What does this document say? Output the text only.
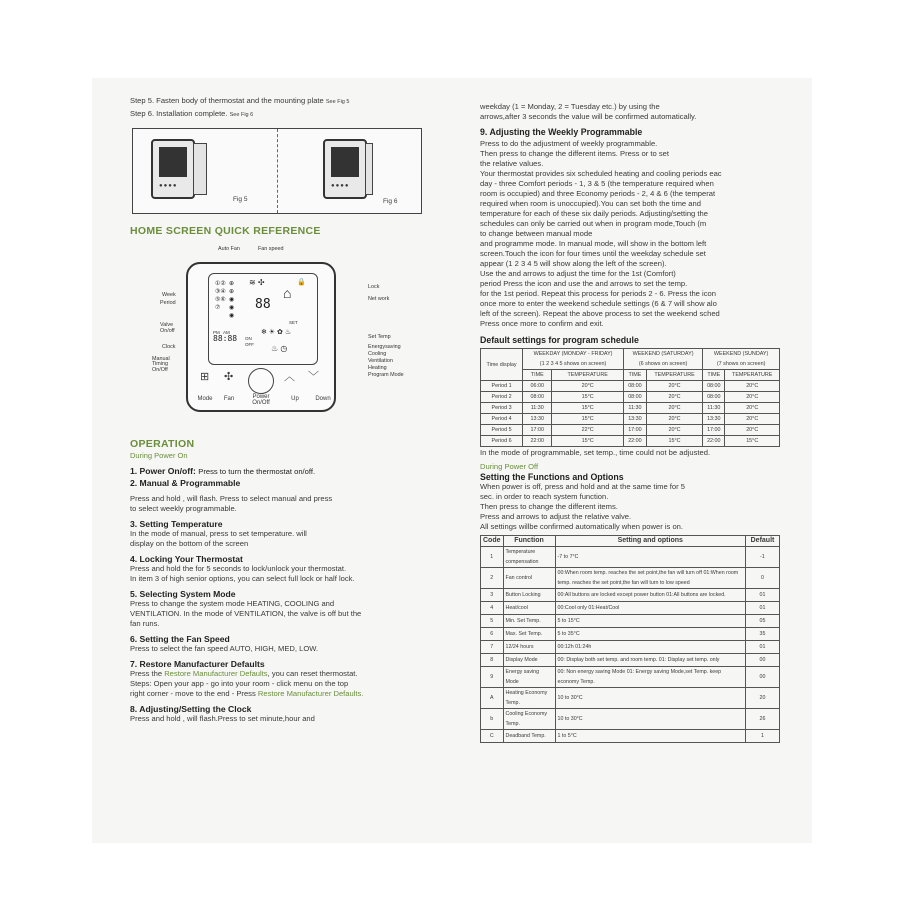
Step 5. Fasten body of thermostat and the mounting plate See Fig 5
Step 6. Installation complete. See Fig 6
●●●●
Fig 5
●●●●
Fig 6
HOME SCREEN QUICK REFERENCE
Auto Fan	Fan speed
Week
Period
Valve On/off
Clock
Manual
Timing On/Off
Lock
Net work
Set Temp
Energysaving
Cooling
Ventilation
Heating
Program Mode
①②
③④
⑤⑥
⑦
⊕
⊕
◉
◉
◉
≋ ✣	🔒
⌂
88
SET
PM AM
88:88 ON
OFF
❄ ☀ ✿ ♨
♨ ◷
⊞ ✣	︿ ﹀
Mode	Fan	Power On/Off
Up	Down
OPERATION
During Power On
1. Power On/off: Press to turn the thermostat on/off.
2. Manual & Programmable
Press and hold , will flash. Press to select manual and press
to select weekly programmable.
3. Setting Temperature
In the mode of manual, press to set temperature. will
display on the bottom of the screen
4. Locking Your Thermostat
Press and hold the for 5 seconds to lock/unlock your thermostat.
In item 3 of high senior options, you can select full lock or half lock.
5. Selecting System Mode
Press to change the system mode HEATING, COOLING and
VENTILATION. In the mode of VENTILATION, the valve is off but the
fan runs.
6. Setting the Fan Speed
Press to select the fan speed AUTO, HIGH, MED, LOW.
7. Restore Manufacturer Defaults
Press the Restore Manufacturer Defaults, you can reset thermostat.
Steps: Open your app - go into your room - click menu on the top
right corner - move to the end - Press Restore Manufacturer Defaults.
8. Adjusting/Setting the Clock
Press and hold , will flash.Press to set minute,hour and
weekday (1 = Monday, 2 = Tuesday etc.) by using the
arrows,after 3 seconds the value will be confirmed automatically.
9. Adjusting the Weekly Programmable
Press to do the adjustment of weekly programmable.
Then press to change the different items. Press or to set
the relative values.
Your thermostat provides six scheduled heating and cooling periods eac
day - three Comfort periods - 1, 3 & 5 (the temperature required when
room is occupied) and three Economy periods - 2, 4 & 6 (the temperat
required when room is unoccupied).You can set both the time and
temperature for each of these six daily periods. Adjusting/setting the
schedules can only be carried out when in program mode,Touch (m
to change between manual mode
and programme mode. In manual mode, will show in the bottom left
screen.Touch the icon for four times until the weekday schedule set
appear (1 2 3 4 5 will show along the left of the screen).
Use the and arrows to adjust the time for the 1st (Comfort)
period Press the icon and use the and arrows to set the temp.
for the 1st period. Repeat this process for periods 2 - 6. Press the icon
once more to enter the weekend schedule settings (6 & 7 will show alo
left of the screen). Repeat the above process to set the weekend sched
Press once more to confirm and exit.
Default settings for program schedule
Time display	WEEKDAY (MONDAY - FRIDAY)
(1 2 3 4 5 shows on screen)		WEEKEND (SATURDAY)
(6 shows on screen)		WEEKEND (SUNDAY)
(7 shows on screen)	
	TIME	TEMPERATURE	TIME	TEMPERATURE	TIME	TEMPERATURE
Period 1	06:00	20°C	08:00	20°C	08:00	20°C
Period 2	08:00	15°C	08:00	20°C	08:00	20°C
Period 3	11:30	15°C	11:30	20°C	11:30	20°C
Period 4	13:30	15°C	13:30	20°C	13:30	20°C
Period 5	17:00	22°C	17:00	20°C	17:00	20°C
Period 6	22:00	15°C	22:00	15°C	22:00	15°C
In the mode of programmable, set temp., time could not be adjusted.
During Power Off
Setting the Functions and Options
When power is off, press and hold and at the same time for 5
sec. in order to reach system function.
Then press to change the different items.
Press and arrows to adjust the relative valve.
All settings willbe confirmed automatically when power is on.
Code	Function	Setting and options	Default
1	Temperature compensation	-7 to 7°C	-1
2	Fan control	00:When room temp. reaches the set point,the fan will turn off 01:When room temp. reaches the set point,the fan will turn to low speed	0
3	Button Locking	00:All buttons are locked except power button 01:All buttons are locked.	01
4	Heat/cool	00:Cool only 01:Heat/Cool	01
5	Min. Set Temp.	5 to 15°C	05
6	Max. Set Temp.	5 to 35°C	35
7	12/24 hours	00:12h 01:24h	01
8	Display Mode	00: Display both set temp. and room temp. 01: Display set temp. only	00
9	Energy saving Mode	00: Non energy saving Mode 01: Energy saving Mode,set Temp. keep economy Temp.	00
A	Heating Economy Temp.	10 to 30°C	20
b	Cooling Economy Temp.	10 to 30°C	26
C	Deadband Temp.	1 to 5°C	1
